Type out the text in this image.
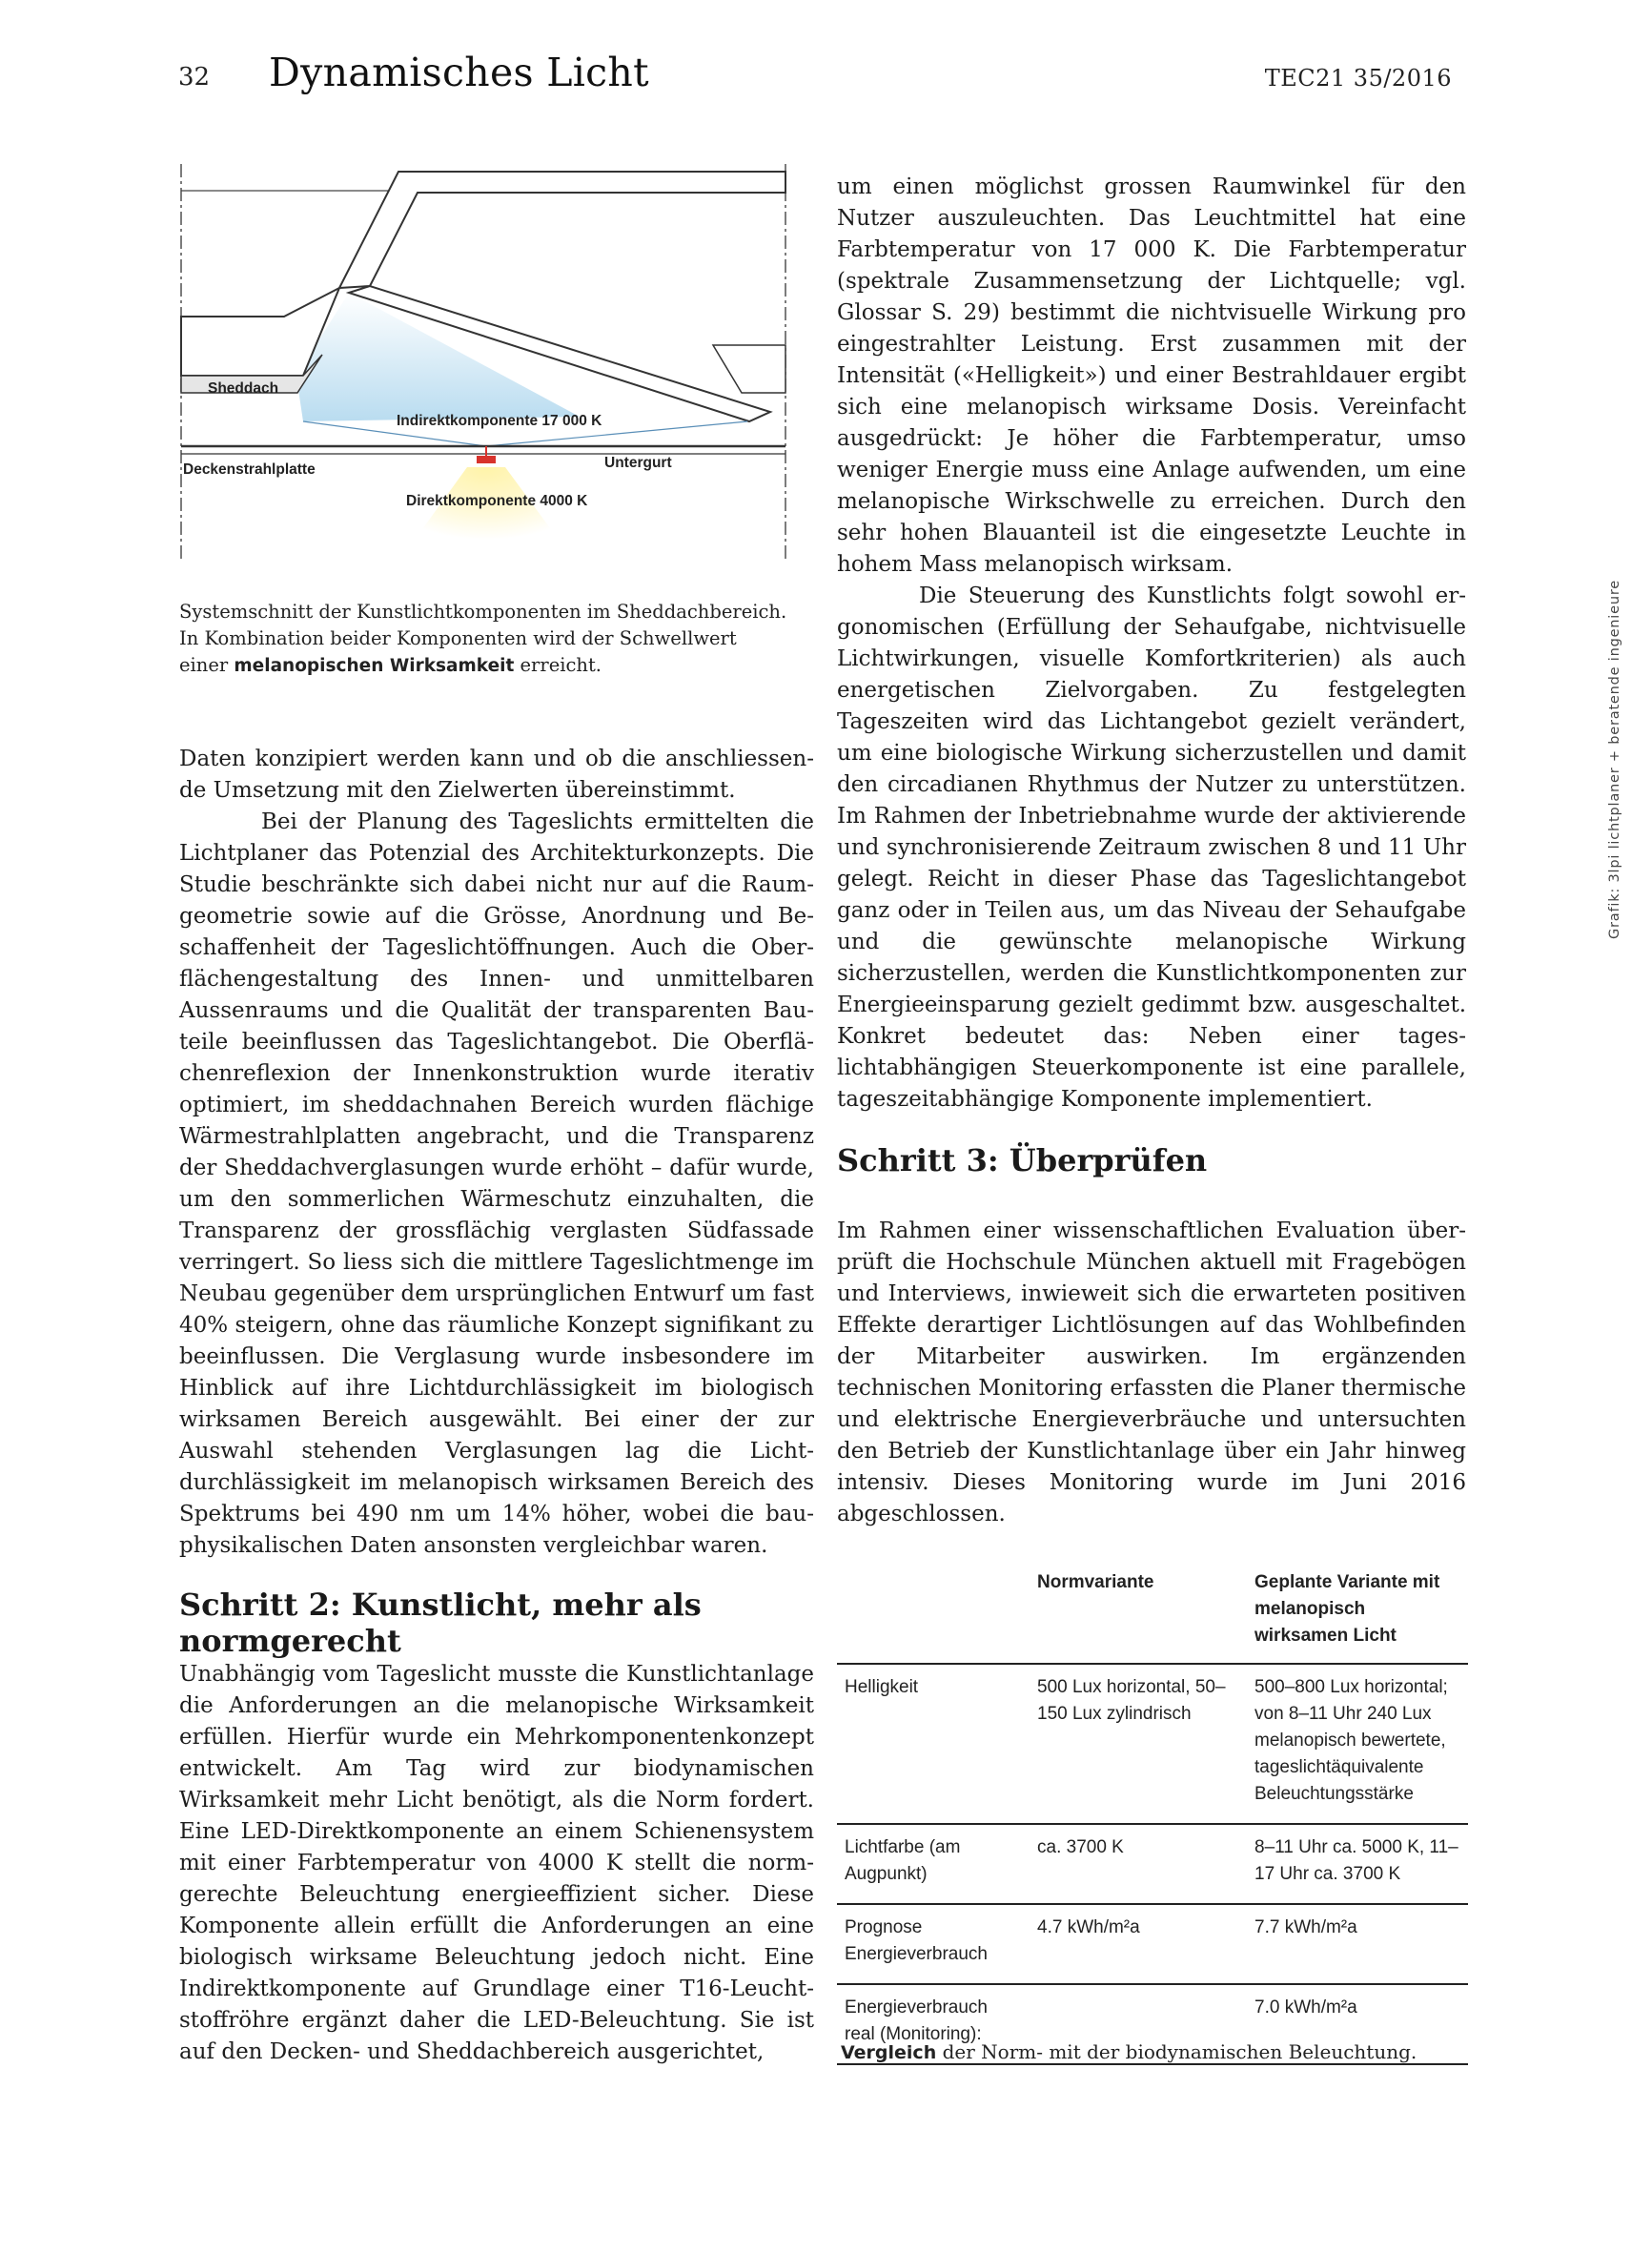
32 Dynamisches Licht	TEC21 35/2016
Sheddach
Indirektkomponente 17 000 K
Deckenstrahlplatte	Untergurt
Direktkomponente 4000 K
Systemschnitt der Kunstlichtkomponenten im Sheddachbereich. In Kombination beider Komponenten wird der Schwellwert einer melanopischen Wirksamkeit erreicht.

Daten konzipiert werden kann und ob die anschliessende Umsetzung mit den Zielwerten übereinstimmt.

Bei der Planung des Tageslichts ermittelten die Lichtplaner das Potenzial des Architekturkonzepts. Die Studie beschränkte sich dabei nicht nur auf die Raumgeometrie sowie auf die Grösse, Anordnung und Beschaffenheit der Tageslichtöffnungen. Auch die Oberflächengestaltung des Innen- und unmittelbaren Aussenraums und die Qualität der transparenten Bauteile beeinflussen das Tageslichtangebot. Die Oberflächenreflexion der Innenkonstruktion wurde iterativ optimiert, im sheddachnahen Bereich wurden flächige Wärmestrahlplatten angebracht, und die Transparenz der Sheddachverglasungen wurde erhöht – dafür wurde, um den sommerlichen Wärmeschutz einzuhalten, die Transparenz der grossflächig verglasten Südfassade verringert. So liess sich die mittlere Tageslichtmenge im Neubau gegenüber dem ursprünglichen Entwurf um fast 40% steigern, ohne das räumliche Konzept signifikant zu beeinflussen. Die Verglasung wurde insbesondere im Hinblick auf ihre Lichtdurchlässigkeit im biologisch wirksamen Bereich ausgewählt. Bei einer der zur Auswahl stehenden Verglasungen lag die Lichtdurchlässigkeit im melanopisch wirksamen Bereich des Spektrums bei 490 nm um 14% höher, wobei die bauphysikalischen Daten ansonsten vergleichbar waren.

Schritt 2: Kunstlicht, mehr als normgerecht

Unabhängig vom Tageslicht musste die Kunstlichtanlage die Anforderungen an die melanopische Wirksamkeit erfüllen. Hierfür wurde ein Mehrkomponentenkonzept entwickelt. Am Tag wird zur biodynamischen Wirksamkeit mehr Licht benötigt, als die Norm fordert. Eine LED-Direktkomponente an einem Schienensystem mit einer Farbtemperatur von 4000 K stellt die normgerechte Beleuchtung energieeffizient sicher. Diese Komponente allein erfüllt die Anforderungen an eine biologisch wirksame Beleuchtung jedoch nicht. Eine Indirektkomponente auf Grundlage einer T16-Leuchtstoffröhre ergänzt daher die LED-Beleuchtung. Sie ist auf den Decken- und Sheddachbereich ausgerichtet,

um einen möglichst grossen Raumwinkel für den Nutzer auszuleuchten. Das Leuchtmittel hat eine Farbtemperatur von 17 000 K. Die Farbtemperatur (spektrale Zusammensetzung der Lichtquelle; vgl. Glossar S. 29) bestimmt die nichtvisuelle Wirkung pro eingestrahlter Leistung. Erst zusammen mit der Intensität («Helligkeit») und einer Bestrahldauer ergibt sich eine melanopisch wirksame Dosis. Vereinfacht ausgedrückt: Je höher die Farbtemperatur, umso weniger Energie muss eine Anlage aufwenden, um eine melanopische Wirkschwelle zu erreichen. Durch den sehr hohen Blauanteil ist die eingesetzte Leuchte in hohem Mass melanopisch wirksam.

Die Steuerung des Kunstlichts folgt sowohl ergonomischen (Erfüllung der Sehaufgabe, nichtvisuelle Lichtwirkungen, visuelle Komfortkriterien) als auch energetischen Zielvorgaben. Zu festgelegten Tageszeiten wird das Lichtangebot gezielt verändert, um eine biologische Wirkung sicherzustellen und damit den circadianen Rhythmus der Nutzer zu unterstützen. Im Rahmen der Inbetriebnahme wurde der aktivierende und synchronisierende Zeitraum zwischen 8 und 11 Uhr gelegt. Reicht in dieser Phase das Tageslichtangebot ganz oder in Teilen aus, um das Niveau der Sehaufgabe und die gewünschte melanopische Wirkung sicherzustellen, werden die Kunstlichtkomponenten zur Energieeinsparung gezielt gedimmt bzw. ausgeschaltet. Konkret bedeutet das: Neben einer tageslichtabhängigen Steuerkomponente ist eine parallele, tageszeitabhängige Komponente implementiert.

Schritt 3: Überprüfen

Im Rahmen einer wissenschaftlichen Evaluation überprüft die Hochschule München aktuell mit Fragebögen und Interviews, inwieweit sich die erwarteten positiven Effekte derartiger Lichtlösungen auf das Wohlbefinden der Mitarbeiter auswirken. Im ergänzenden technischen Monitoring erfassten die Planer thermische und elektrische Energieverbräuche und untersuchten den Betrieb der Kunstlichtanlage über ein Jahr hinweg intensiv. Dieses Monitoring wurde im Juni 2016 abgeschlossen.

	Normvariante	Geplante Variante mit melanopisch wirksamen Licht
Helligkeit	500 Lux horizontal, 50–150 Lux zylindrisch	500–800 Lux horizontal; von 8–11 Uhr 240 Lux melanopisch bewertete, tageslichtäquivalente Beleuchtungsstärke
Lichtfarbe (am Augpunkt)	ca. 3700 K	8–11 Uhr ca. 5000 K, 11–17 Uhr ca. 3700 K
Prognose Energieverbrauch	4.7 kWh/m²a	7.7 kWh/m²a
Energieverbrauch real (Monitoring):		7.0 kWh/m²a
Vergleich der Norm- mit der biodynamischen Beleuchtung.
Grafik: 3lpi lichtplaner + beratende ingenieure
